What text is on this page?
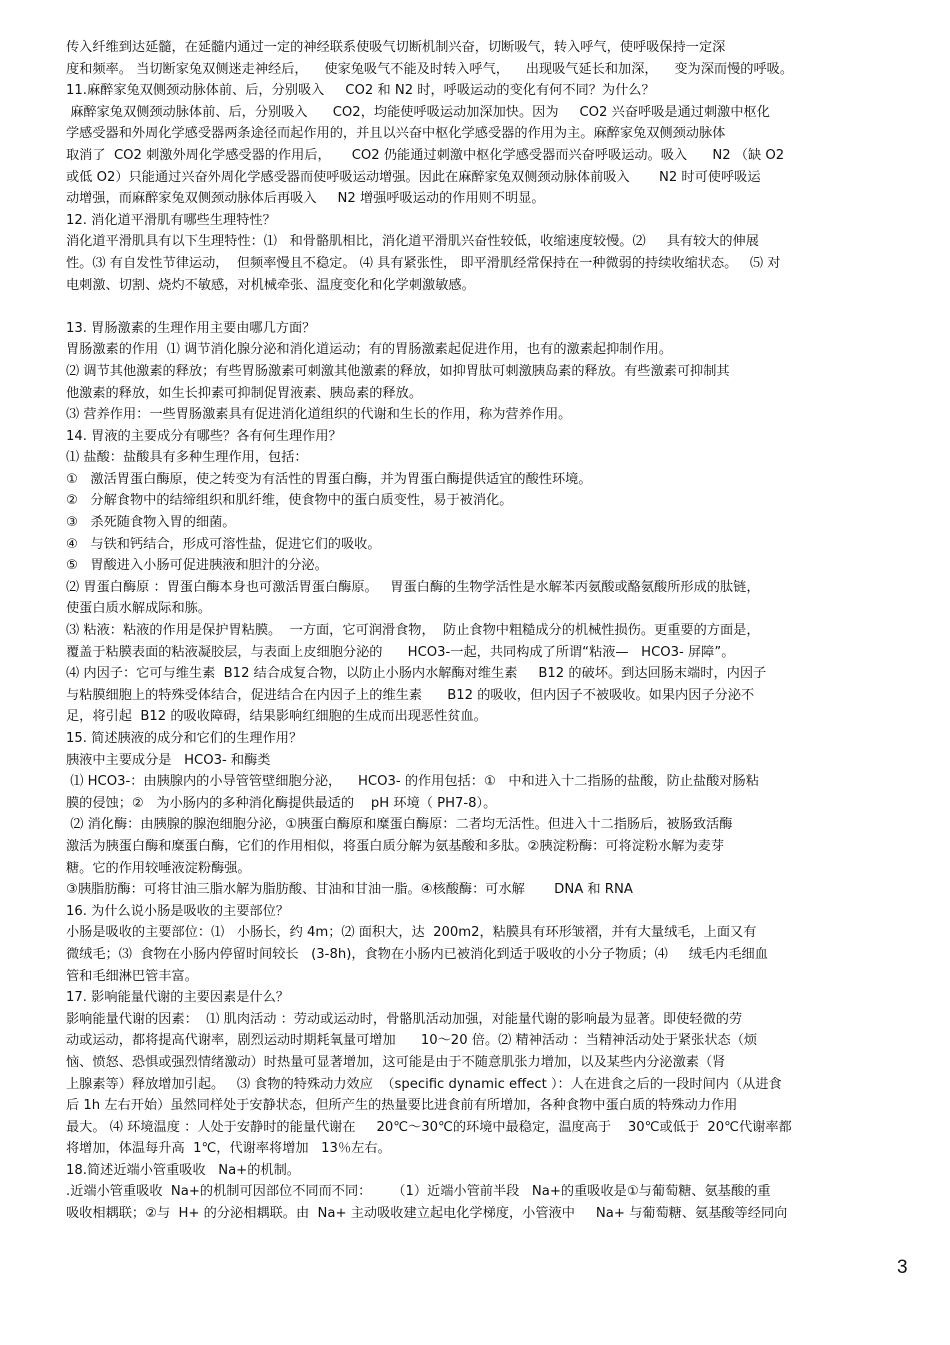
传入纤维到达延髓，在延髓内通过一定的神经联系使吸气切断机制兴奋，切断吸气，转入呼气，使呼吸保持一定深
度和频率。 当切断家兔双侧迷走神经后，    使家兔吸气不能及时转入呼气，    出现吸气延长和加深，    变为深而慢的呼吸。
11.麻醉家兔双侧颈动脉体前、后，分别吸入     CO2 和 N2 时，呼吸运动的变化有何不同？为什么？
麻醉家兔双侧颈动脉体前、后，分别吸入      CO2，均能使呼吸运动加深加快。因为     CO2 兴奋呼吸是通过刺激中枢化
学感受器和外周化学感受器两条途径而起作用的，并且以兴奋中枢化学感受器的作用为主。麻醉家兔双侧颈动脉体
取消了  CO2 刺激外周化学感受器的作用后，     CO2 仍能通过刺激中枢化学感受器而兴奋呼吸运动。吸入      N2 （缺 O2
或低 O2）只能通过兴奋外周化学感受器而使呼吸运动增强。因此在麻醉家兔双侧颈动脉体前吸入       N2 时可使呼吸运
动增强，而麻醉家兔双侧颈动脉体后再吸入     N2 增强呼吸运动的作用则不明显。
12. 消化道平滑肌有哪些生理特性？
消化道平滑肌具有以下生理特性：⑴   和骨骼肌相比，消化道平滑肌兴奋性较低，收缩速度较慢。⑵     具有较大的伸展
性。⑶ 有自发性节律运动，  但频率慢且不稳定。 ⑷ 具有紧张性， 即平滑肌经常保持在一种微弱的持续收缩状态。   ⑸ 对
电刺激、切割、烧灼不敏感，对机械牵张、温度变化和化学刺激敏感。
13. 胃肠激素的生理作用主要由哪几方面？
胃肠激素的作用  ⑴ 调节消化腺分泌和消化道运动；有的胃肠激素起促进作用，也有的激素起抑制作用。
⑵ 调节其他激素的释放；有些胃肠激素可刺激其他激素的释放，如抑胃肽可刺激胰岛素的释放。有些激素可抑制其
他激素的释放，如生长抑素可抑制促胃液素、胰岛素的释放。
⑶ 营养作用：一些胃肠激素具有促进消化道组织的代谢和生长的作用，称为营养作用。
14. 胃液的主要成分有哪些？各有何生理作用？
⑴ 盐酸：盐酸具有多种生理作用，包括：
①   激活胃蛋白酶原，使之转变为有活性的胃蛋白酶，并为胃蛋白酶提供适宜的酸性环境。
②   分解食物中的结缔组织和肌纤维，使食物中的蛋白质变性，易于被消化。
③   杀死随食物入胃的细菌。
④   与铁和钙结合，形成可溶性盐，促进它们的吸收。
⑤   胃酸进入小肠可促进胰液和胆汁的分泌。
⑵ 胃蛋白酶原 ：胃蛋白酶本身也可激活胃蛋白酶原。   胃蛋白酶的生物学活性是水解苯丙氨酸或酪氨酸所形成的肽链，
使蛋白质水解成际和胨。
⑶ 粘液：粘液的作用是保护胃粘膜。  一方面，它可润滑食物，  防止食物中粗糙成分的机械性损伤。更重要的方面是，
覆盖于粘膜表面的粘液凝胶层，与表面上皮细胞分泌的      HCO3-一起，共同构成了所谓“粘液—   HCO3- 屏障”。
⑷ 内因子：它可与维生素  B12 结合成复合物，以防止小肠内水解酶对维生素     B12 的破坏。到达回肠末端时，内因子
与粘膜细胞上的特殊受体结合，促进结合在内因子上的维生素      B12 的吸收，但内因子不被吸收。如果内因子分泌不
足，将引起  B12 的吸收障碍，结果影响红细胞的生成而出现恶性贫血。
15. 简述胰液的成分和它们的生理作用？
胰液中主要成分是   HCO3- 和酶类
⑴ HCO3-：由胰腺内的小导管管壁细胞分泌，    HCO3- 的作用包括：①   中和进入十二指肠的盐酸，防止盐酸对肠粘
膜的侵蚀；②   为小肠内的多种消化酶提供最适的    pH 环境（ PH7-8）。
⑵ 消化酶：由胰腺的腺泡细胞分泌，①胰蛋白酶原和糜蛋白酶原：二者均无活性。但进入十二指肠后，被肠致活酶
激活为胰蛋白酶和糜蛋白酶，它们的作用相似，将蛋白质分解为氨基酸和多肽。②胰淀粉酶：可将淀粉水解为麦芽
糖。它的作用较唾液淀粉酶强。
③胰脂肪酶：可将甘油三脂水解为脂肪酸、甘油和甘油一脂。④核酸酶：可水解       DNA 和 RNA
16. 为什么说小肠是吸收的主要部位？
小肠是吸收的主要部位：⑴   小肠长，约 4m；⑵ 面积大，达  200m2，粘膜具有环形皱褶，并有大量绒毛，上面又有
微绒毛；⑶  食物在小肠内停留时间较长   (3-8h)，食物在小肠内已被消化到适于吸收的小分子物质；⑷     绒毛内毛细血
管和毛细淋巴管丰富。
17. 影响能量代谢的主要因素是什么？
影响能量代谢的因素：  ⑴ 肌肉活动 ：劳动或运动时，骨骼肌活动加强，对能量代谢的影响最为显著。即使轻微的劳
动或运动，都将提高代谢率，剧烈运动时期耗氧量可增加      10～20 倍。⑵ 精神活动 ：当精神活动处于紧张状态（烦
恼、愤怒、恐惧或强烈情绪激动）时热量可显著增加，这可能是由于不随意肌张力增加，以及某些内分泌激素（肾
上腺素等）释放增加引起。   ⑶ 食物的特殊动力效应  （specific dynamic effect ）：人在进食之后的一段时间内（从进食
后 1h 左右开始）虽然同样处于安静状态，但所产生的热量要比进食前有所增加，各种食物中蛋白质的特殊动力作用
最大。 ⑷ 环境温度 ：人处于安静时的能量代谢在     20℃～30℃的环境中最稳定，温度高于    30℃或低于  20℃代谢率都
将增加，体温每升高  1℃，代谢率将增加   13％左右。
18.简述近端小管重吸收   Na+的机制。
.近端小管重吸收  Na+的机制可因部位不同而不同：     （1）近端小管前半段   Na+的重吸收是①与葡萄糖、氨基酸的重
吸收相耦联；②与  H+ 的分泌相耦联。由  Na+ 主动吸收建立起电化学梯度，小管液中     Na+ 与葡萄糖、氨基酸等经同向
3
